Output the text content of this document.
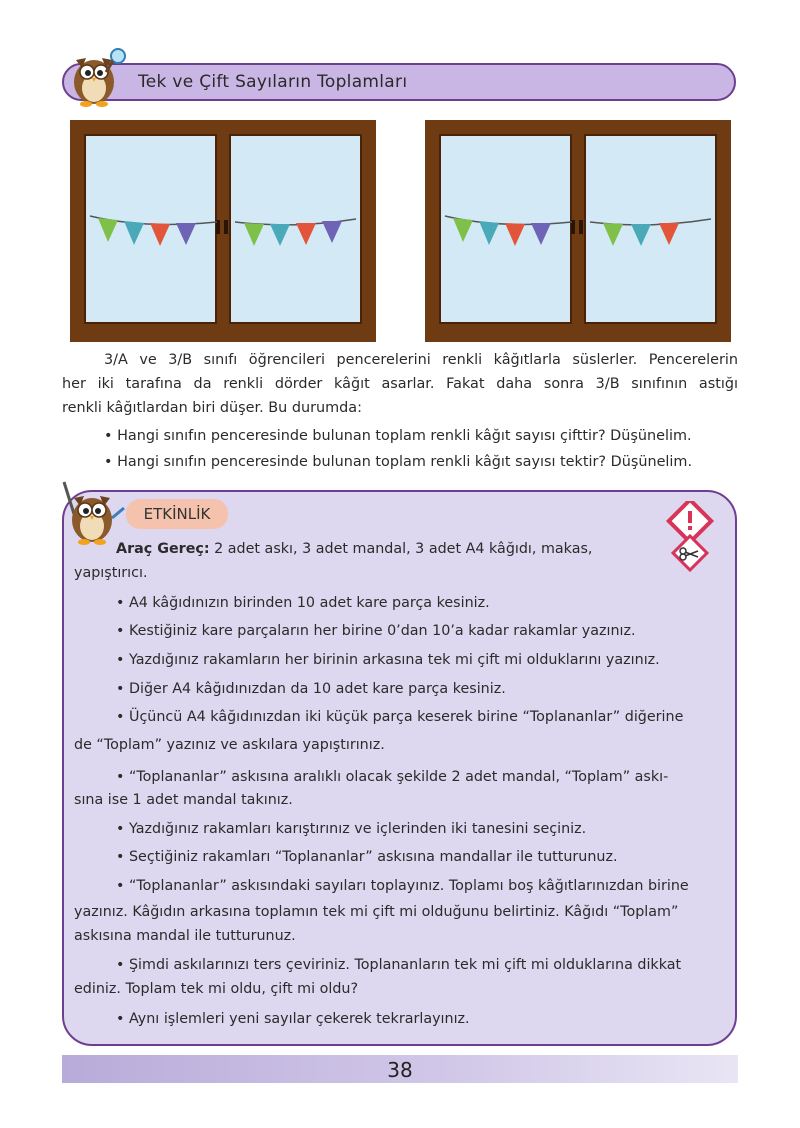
Tek ve Çift Sayıların Toplamları
3/A ve 3/B sınıfı öğrencileri pencerelerini renkli kâğıtlarla süslerler. Pencerelerin
her iki tarafına da renkli dörder kâğıt asarlar. Fakat daha sonra 3/B sınıfının astığı
renkli kâğıtlardan biri düşer. Bu durumda:
• Hangi sınıfın penceresinde bulunan toplam renkli kâğıt sayısı çifttir? Düşünelim.
• Hangi sınıfın penceresinde bulunan toplam renkli kâğıt sayısı tektir? Düşünelim.
ETKİNLİK
Araç Gereç: 2 adet askı, 3 adet mandal, 3 adet A4 kâğıdı, makas,
yapıştırıcı.
• A4 kâğıdınızın birinden 10 adet kare parça kesiniz.
• Kestiğiniz kare parçaların her birine 0’dan 10’a kadar rakamlar yazınız.
• Yazdığınız rakamların her birinin arkasına tek mi çift mi olduklarını yazınız.
• Diğer A4 kâğıdınızdan da 10 adet kare parça kesiniz.
• Üçüncü A4 kâğıdınızdan iki küçük parça keserek birine “Toplananlar” diğerine
de “Toplam” yazınız ve askılara yapıştırınız.
• “Toplananlar” askısına aralıklı olacak şekilde 2 adet mandal, “Toplam” askı-
sına ise 1 adet mandal takınız.
• Yazdığınız rakamları karıştırınız ve içlerinden iki tanesini seçiniz.
• Seçtiğiniz rakamları “Toplananlar” askısına mandallar ile tutturunuz.
• “Toplananlar” askısındaki sayıları toplayınız. Toplamı boş kâğıtlarınızdan birine
yazınız. Kâğıdın arkasına toplamın tek mi çift mi olduğunu belirtiniz. Kâğıdı “Toplam”
askısına mandal ile tutturunuz.
• Şimdi askılarınızı ters çeviriniz. Toplananların tek mi çift mi olduklarına dikkat
ediniz. Toplam tek mi oldu, çift mi oldu?
• Aynı işlemleri yeni sayılar çekerek tekrarlayınız.
38
